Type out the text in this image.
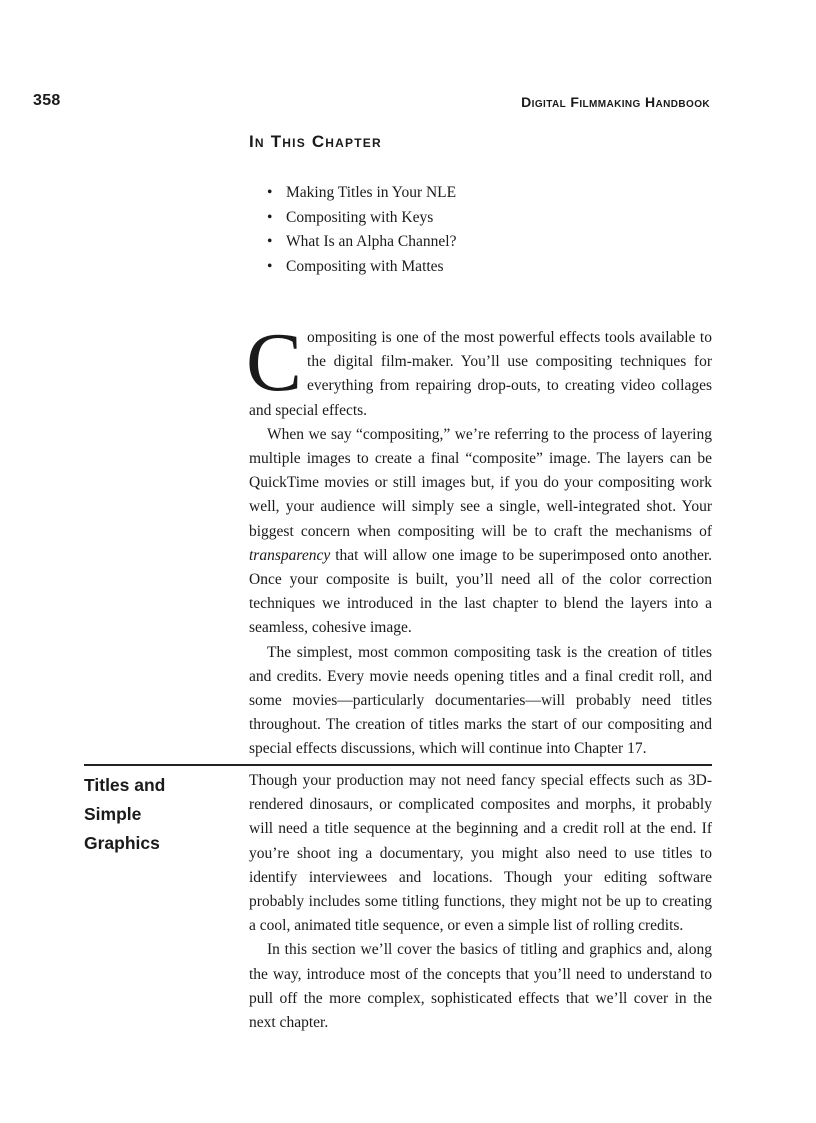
358	Digital Filmmaking Handbook
In This Chapter
• Making Titles in Your NLE
• Compositing with Keys
• What Is an Alpha Channel?
• Compositing with Mattes

Compositing is one of the most powerful effects tools available to the digital film-maker. You’ll use compositing techniques for everything from repairing drop-outs, to creating video collages and special effects.

When we say “compositing,” we’re referring to the process of layering multiple images to create a final “composite” image. The layers can be QuickTime movies or still images but, if you do your compositing work well, your audience will simply see a single, well-integrated shot. Your biggest concern when compositing will be to craft the mechanisms of transparency that will allow one image to be superimposed onto another. Once your composite is built, you’ll need all of the color correction techniques we introduced in the last chapter to blend the layers into a seamless, cohesive image.

The simplest, most common compositing task is the creation of titles and credits. Every movie needs opening titles and a final credit roll, and some movies—particularly documentaries—will probably need titles throughout. The creation of titles marks the start of our compositing and special effects discussions, which will continue into Chapter 17.

Titles and
Simple
Graphics

Though your production may not need fancy special effects such as 3D-rendered dinosaurs, or complicated composites and morphs, it probably will need a title sequence at the beginning and a credit roll at the end. If you’re shoot ing a documentary, you might also need to use titles to identify interviewees and locations. Though your editing software probably includes some titling functions, they might not be up to creating a cool, animated title sequence, or even a simple list of rolling credits.

In this section we’ll cover the basics of titling and graphics and, along the way, introduce most of the concepts that you’ll need to understand to pull off the more complex, sophisticated effects that we’ll cover in the next chapter.
